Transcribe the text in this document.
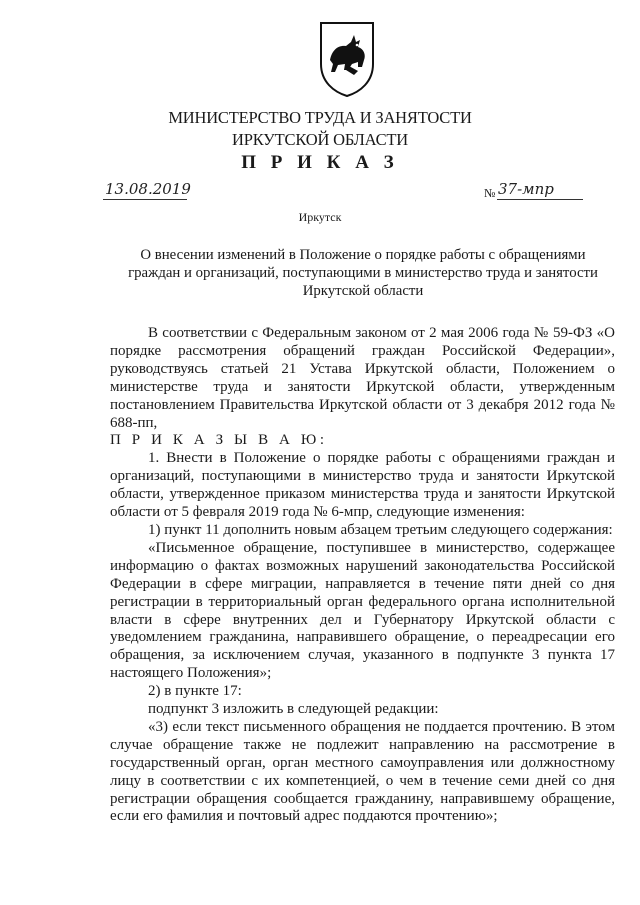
МИНИСТЕРСТВО ТРУДА И ЗАНЯТОСТИ
ИРКУТСКОЙ ОБЛАСТИ
П Р И К А З
13.08.2019	№ 37-мпр
Иркутск
О внесении изменений в Положение о порядке работы с обращениями
граждан и организаций, поступающими в министерство труда и занятости
Иркутской области

В соответствии с Федеральным законом от 2 мая 2006 года № 59-ФЗ «О порядке рассмотрения обращений граждан Российской Федерации», руководствуясь статьей 21 Устава Иркутской области, Положением о министерстве труда и занятости Иркутской области, утвержденным постановлением Правительства Иркутской области от 3 декабря 2012 года № 688-пп,

П Р И К А З Ы В А Ю:

1. Внести в Положение о порядке работы с обращениями граждан и организаций, поступающими в министерство труда и занятости Иркутской области, утвержденное приказом министерства труда и занятости Иркутской области от 5 февраля 2019 года № 6-мпр, следующие изменения:

1) пункт 11 дополнить новым абзацем третьим следующего содержания:

«Письменное обращение, поступившее в министерство, содержащее информацию о фактах возможных нарушений законодательства Российской Федерации в сфере миграции, направляется в течение пяти дней со дня регистрации в территориальный орган федерального органа исполнительной власти в сфере внутренних дел и Губернатору Иркутской области с уведомлением гражданина, направившего обращение, о переадресации его обращения, за исключением случая, указанного в подпункте 3 пункта 17 настоящего Положения»;

2) в пункте 17:

подпункт 3 изложить в следующей редакции:

«3) если текст письменного обращения не поддается прочтению. В этом случае обращение также не подлежит направлению на рассмотрение в государственный орган, орган местного самоуправления или должностному лицу в соответствии с их компетенцией, о чем в течение семи дней со дня регистрации обращения сообщается гражданину, направившему обращение, если его фамилия и почтовый адрес поддаются прочтению»;
